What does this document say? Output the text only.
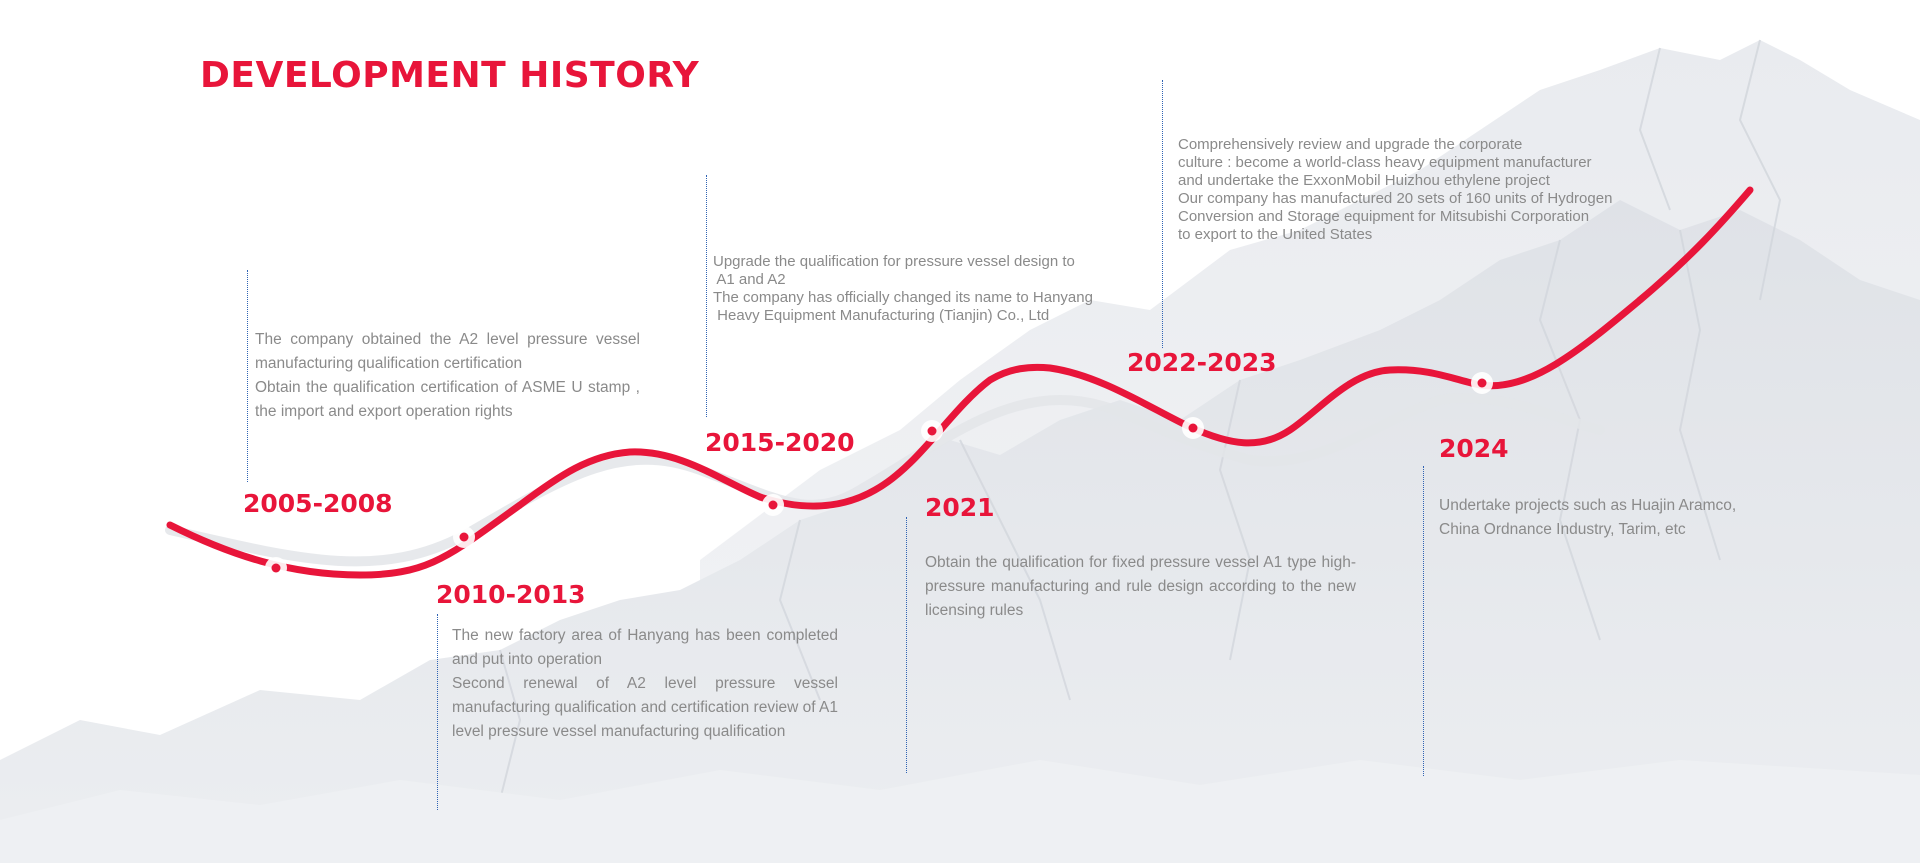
DEVELOPMENT HISTORY

The company obtained the A2 level pressure vessel manufacturing qualification certification

Obtain the qualification certification of ASME U stamp , the import and export operation rights

2005-2008
2010-2013

The new factory area of Hanyang has been completed and put into operation

Second renewal of A2 level pressure vessel manufacturing qualification and certification review of A1 level pressure vessel manufacturing qualification

Upgrade the qualification for pressure vessel design to

A1 and A2

The company has officially changed its name to Hanyang

Heavy Equipment Manufacturing (Tianjin) Co., Ltd

2015-2020
2021

Obtain the qualification for fixed pressure vessel A1 type high-pressure manufacturing and rule design according to the new licensing rules

Comprehensively review and upgrade the corporate

culture : become a world-class heavy equipment manufacturer

and undertake the ExxonMobil Huizhou ethylene project

Our company has manufactured 20 sets of 160 units of Hydrogen

Conversion and Storage equipment for Mitsubishi Corporation

to export to the United States

2022-2023
2024

Undertake projects such as Huajin Aramco,

China Ordnance Industry, Tarim, etc
